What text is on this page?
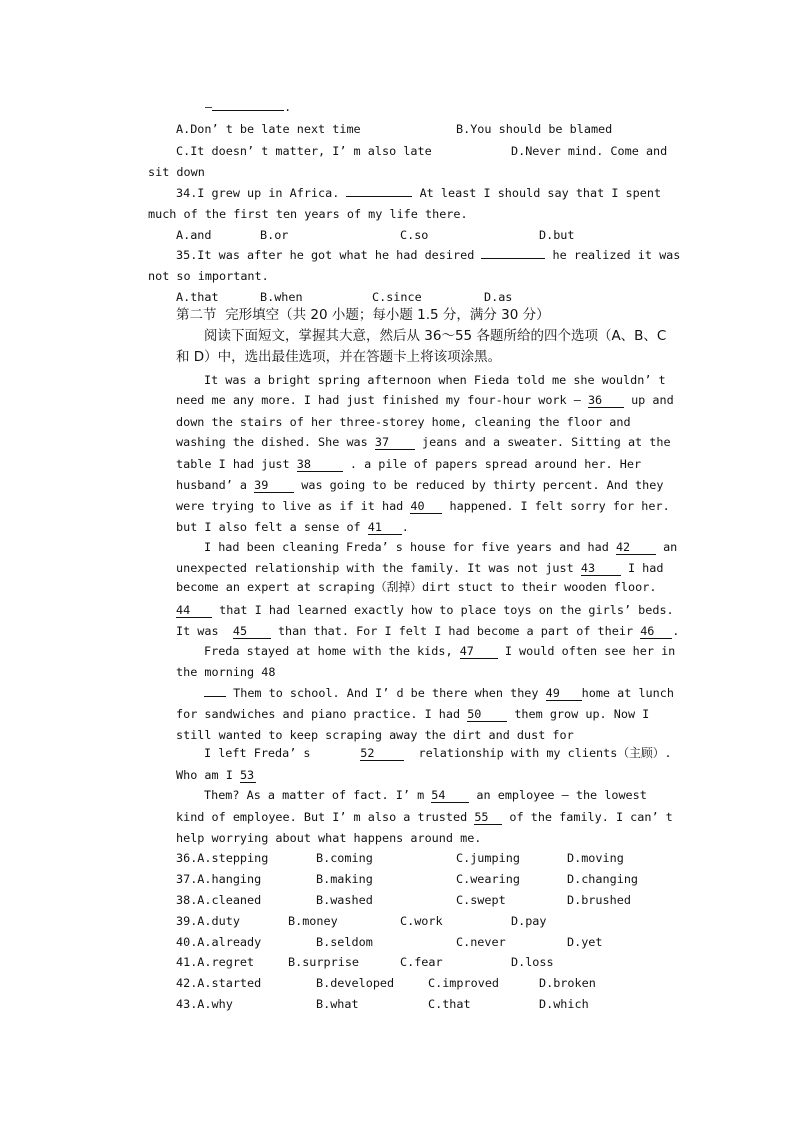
—	.
A.Don’ t be late next time	B.You should be blamed
C.It doesn’ t matter, I’ m also late	D.Never mind. Come and
sit down
34.I grew up in Africa.	At least I should say that I spent
much of the first ten years of my life there.
A.and	B.or	C.so	D.but
35.It was after he got what he had desired	he realized it was
not so important.
A.that	B.when	C.since	D.as
第二节  完形填空（共 20 小题；每小题 1.5 分，满分 30 分）
阅读下面短文，掌握其大意，然后从 36～55 各题所给的四个选项（A、B、C
和 D）中，选出最佳选项，并在答题卡上将该项涂黑。
It was a bright spring afternoon when Fieda told me she wouldn’ t
need me any more. I had just finished my four-hour work — 36 up and
down the stairs of her three-storey home, cleaning the floor and
washing the dished. She was 37	jeans and a sweater. Sitting at the
table I had just 38	. a pile of papers spread around her. Her
husband’ a 39	was going to be reduced by thirty percent. And they
were trying to live as if it had 40 happened. I felt sorry for her.
but I also felt a sense of 41 .
I had been cleaning Freda’ s house for five years and had 42	an
unexpected relationship with the family. It was not just 43	I had
become an expert at scraping（刮掉）dirt stuct to their wooden floor.
44 that I had learned exactly how to place toys on the girls’ beds.
It was 45	than that. For I felt I had become a part of their 46 .
Freda stayed at home with the kids, 47	I would often see her in
the morning 48
Them to school. And I’ d be there when they 49 home at lunch
for sandwiches and piano practice. I had 50	them grow up. Now I
still wanted to keep scraping away the dirt and dust for
I left Freda’ s	52	relationship with my clients（主顾）.
Who am I 53
Them? As a matter of fact. I’ m 54	an employee — the lowest
kind of employee. But I’ m also a trusted 55 of the family. I can’ t
help worrying about what happens around me.
36.A.stepping	B.coming	C.jumping	D.moving
37.A.hanging	B.making	C.wearing	D.changing
38.A.cleaned	B.washed	C.swept	D.brushed
39.A.duty	B.money	C.work	D.pay
40.A.already	B.seldom	C.never	D.yet
41.A.regret	B.surprise	C.fear	D.loss
42.A.started	B.developed	C.improved	D.broken
43.A.why	B.what	C.that	D.which
